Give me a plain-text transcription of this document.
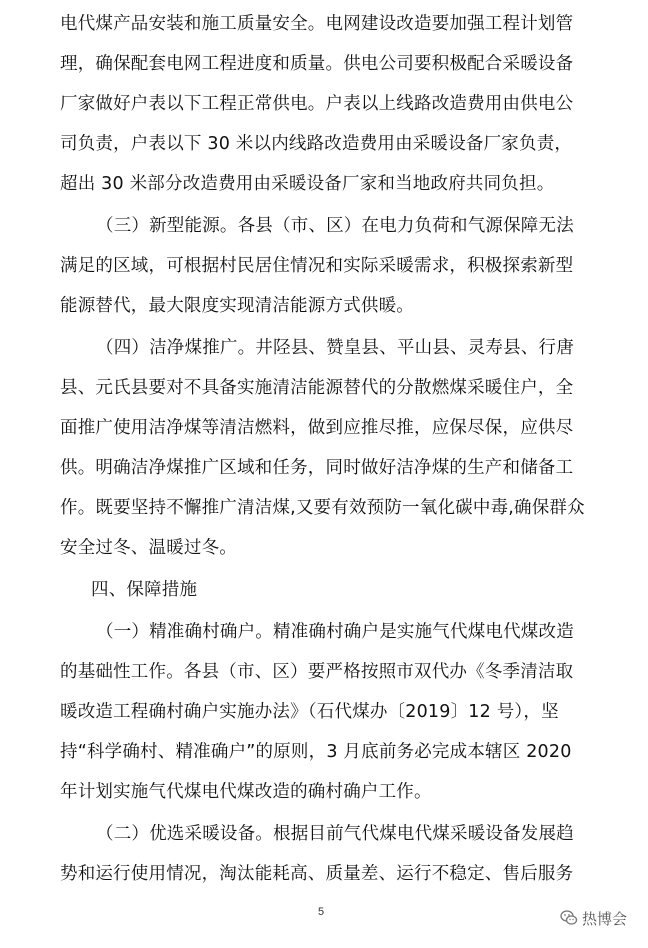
电代煤产品安装和施工质量安全。电网建设改造要加强工程计划管
理，确保配套电网工程进度和质量。供电公司要积极配合采暖设备
厂家做好户表以下工程正常供电。户表以上线路改造费用由供电公
司负责，户表以下 30 米以内线路改造费用由采暖设备厂家负责，
超出 30 米部分改造费用由采暖设备厂家和当地政府共同负担。
（三）新型能源。各县（市、区）在电力负荷和气源保障无法
满足的区域，可根据村民居住情况和实际采暖需求，积极探索新型
能源替代，最大限度实现清洁能源方式供暖。
（四）洁净煤推广。井陉县、赞皇县、平山县、灵寿县、行唐
县、元氏县要对不具备实施清洁能源替代的分散燃煤采暖住户，全
面推广使用洁净煤等清洁燃料，做到应推尽推，应保尽保，应供尽
供。明确洁净煤推广区域和任务，同时做好洁净煤的生产和储备工
作。既要坚持不懈推广清洁煤,又要有效预防一氧化碳中毒,确保群众
安全过冬、温暖过冬。
四、保障措施
（一）精准确村确户。精准确村确户是实施气代煤电代煤改造
的基础性工作。各县（市、区）要严格按照市双代办《冬季清洁取
暖改造工程确村确户实施办法》（石代煤办〔2019〕12 号），坚
持“科学确村、精准确户”的原则，3 月底前务必完成本辖区 2020
年计划实施气代煤电代煤改造的确村确户工作。
（二）优选采暖设备。根据目前气代煤电代煤采暖设备发展趋
势和运行使用情况，淘汰能耗高、质量差、运行不稳定、售后服务
5	热博会
